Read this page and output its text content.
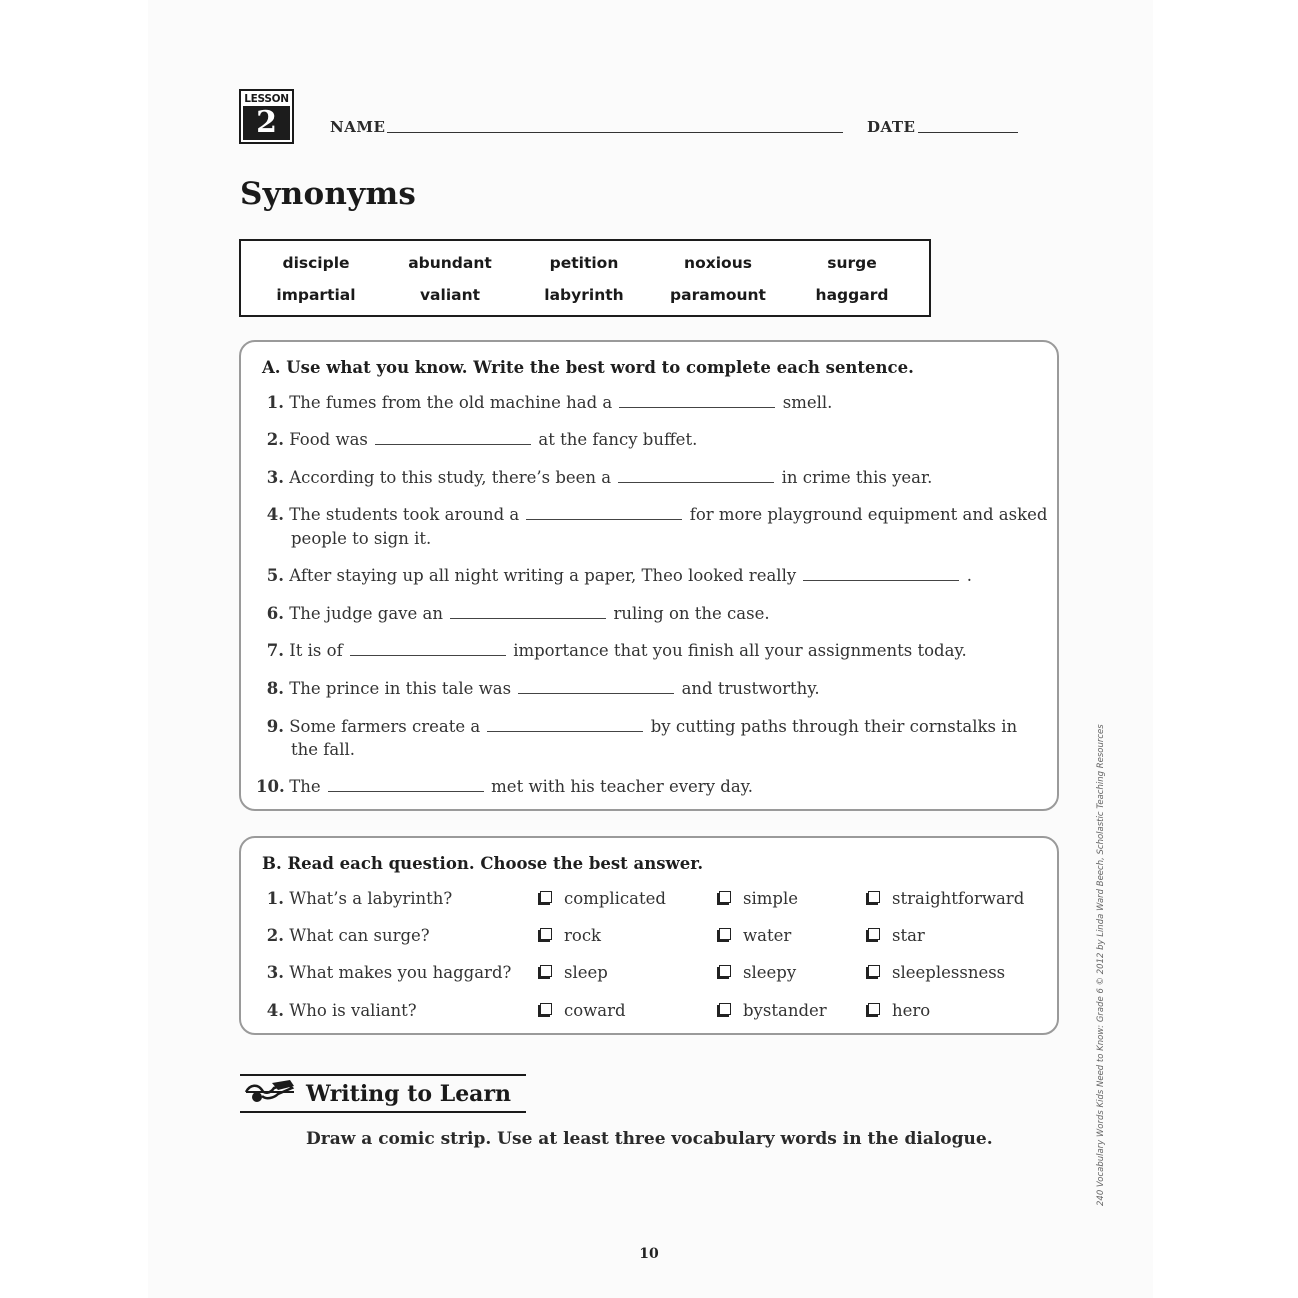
LESSON
2	NAME	DATE
Synonyms
disciple	abundant	petition	noxious	surge
impartial	valiant	labyrinth	paramount	haggard
A. Use what you know. Write the best word to complete each sentence.
1. The fumes from the old machine had a	smell.
2. Food was	at the fancy buffet.
3. According to this study, there’s been a	in crime this year.
4. The students took around a	for more playground equipment and asked
people to sign it.
5. After staying up all night writing a paper, Theo looked really	.
6. The judge gave an	ruling on the case.
7. It is of	importance that you finish all your assignments today.
8. The prince in this tale was	and trustworthy.
9. Some farmers create a	by cutting paths through their cornstalks in
the fall.
10. The	met with his teacher every day.
B. Read each question. Choose the best answer.
1. What’s a labyrinth?	complicated	simple	straightforward
2. What can surge?	rock	water	star
3. What makes you haggard?	sleep	sleepy	sleeplessness
4. Who is valiant?	coward	bystander	hero
Writing to Learn
Draw a comic strip. Use at least three vocabulary words in the dialogue.
10
240 Vocabulary Words Kids Need to Know: Grade 6 © 2012 by Linda Ward Beech, Scholastic Teaching Resources
